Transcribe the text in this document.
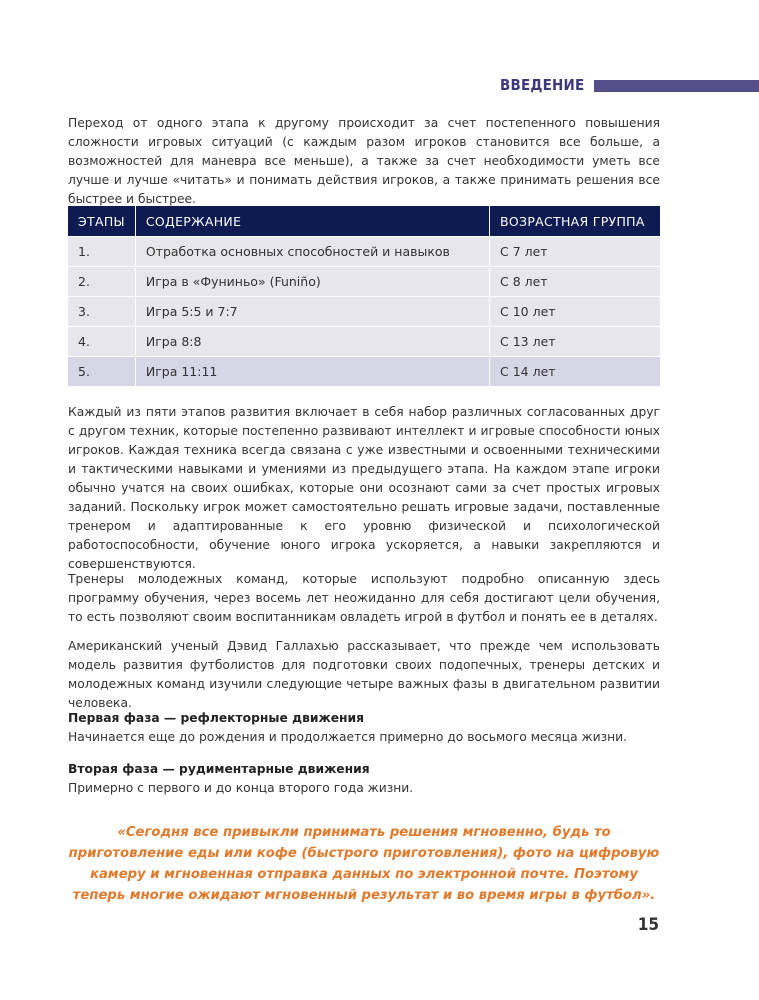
ВВЕДЕНИЕ

Переход от одного этапа к другому происходит за счет постепенного повышения сложности игровых ситуаций (с каждым разом игроков становится все больше, а возможностей для маневра все меньше), а также за счет необходимости уметь все лучше и лучше «читать» и понимать действия игроков, а также принимать решения все быстрее и быстрее.

ЭТАПЫ	СОДЕРЖАНИЕ	ВОЗРАСТНАЯ ГРУППА
1.	Отработка основных способностей и навыков	С 7 лет
2.	Игра в «Фуниньо» (Funiño)	С 8 лет
3.	Игра 5:5 и 7:7	С 10 лет
4.	Игра 8:8	С 13 лет
5.	Игра 11:11	С 14 лет

Каждый из пяти этапов развития включает в себя набор различных согласованных друг с другом техник, которые постепенно развивают интеллект и игровые способности юных игроков. Каждая техника всегда связана с уже известными и освоенными техническими и тактическими навыками и умениями из предыдущего этапа. На каждом этапе игроки обычно учатся на своих ошибках, которые они осознают сами за счет простых игровых заданий. Поскольку игрок может самостоятельно решать игровые задачи, поставленные тренером и адаптированные к его уровню физической и психологической работоспособности, обучение юного игрока ускоряется, а навыки закрепляются и совершенствуются.

Тренеры молодежных команд, которые используют подробно описанную здесь программу обучения, через восемь лет неожиданно для себя достигают цели обучения, то есть позволяют своим воспитанникам овладеть игрой в футбол и понять ее в деталях.

Американский ученый Дэвид Галлахью рассказывает, что прежде чем использовать модель развития футболистов для подготовки своих подопечных, тренеры детских и молодежных команд изучили следующие четыре важных фазы в двигательном развитии человека.

Первая фаза — рефлекторные движения
Начинается еще до рождения и продолжается примерно до восьмого месяца жизни.
Вторая фаза — рудиментарные движения
Примерно с первого и до конца второго года жизни.
«Сегодня все привыкли принимать решения мгновенно, будь то приготовление еды или кофе (быстрого приготовления), фото на цифровую камеру и мгновенная отправка данных по электронной почте. Поэтому теперь многие ожидают мгновенный результат и во время игры в футбол».
15
